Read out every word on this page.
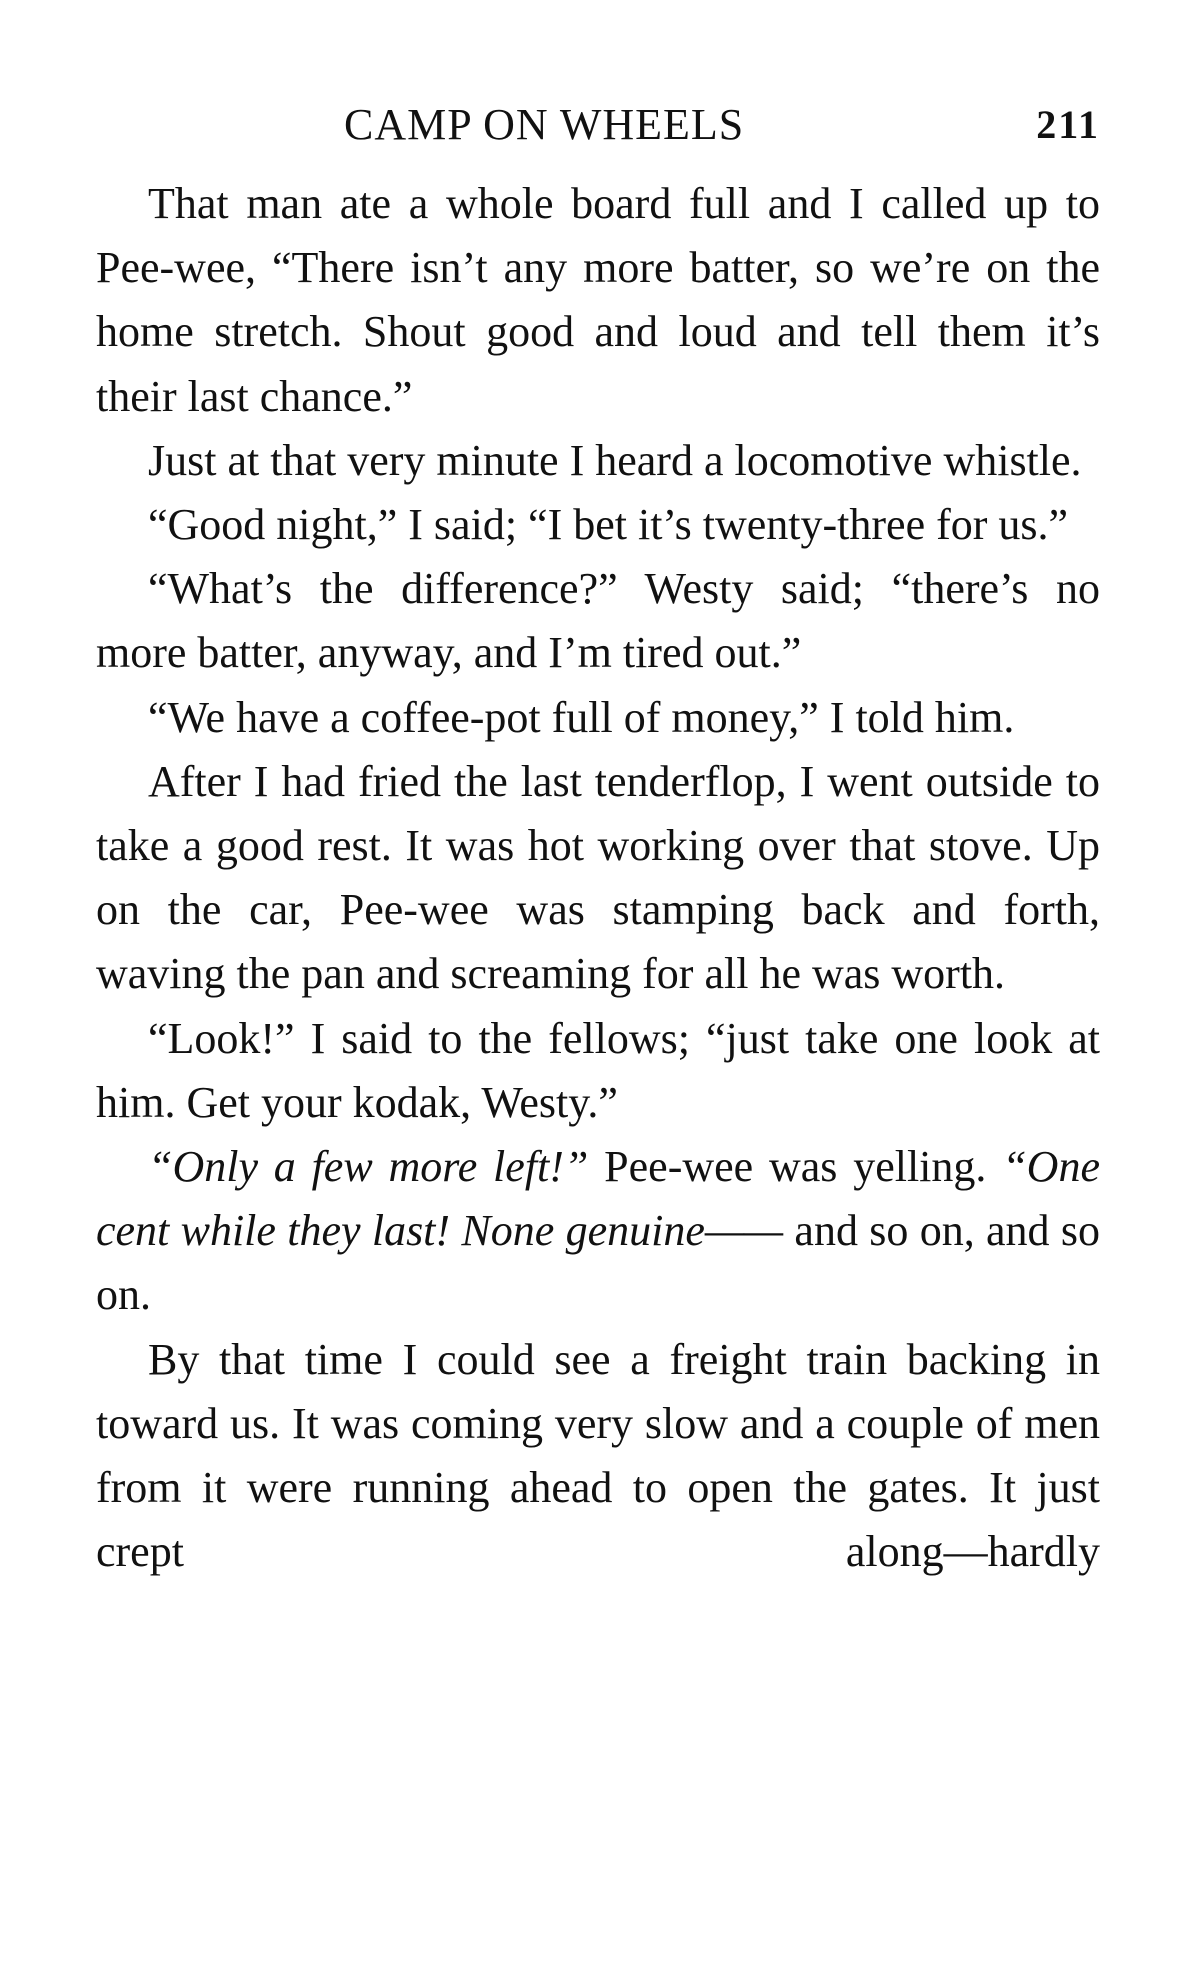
CAMP ON WHEELS	211

That man ate a whole board full and I called up to Pee-wee, “There isn’t any more batter, so we’re on the home stretch. Shout good and loud and tell them it’s their last chance.”

Just at that very minute I heard a locomotive whistle.

“Good night,” I said; “I bet it’s twenty-three for us.”

“What’s the difference?” Westy said; “there’s no more batter, anyway, and I’m tired out.”

“We have a coffee-pot full of money,” I told him.

After I had fried the last tenderflop, I went outside to take a good rest. It was hot working over that stove. Up on the car, Pee-wee was stamping back and forth, waving the pan and screaming for all he was worth.

“Look!” I said to the fellows; “just take one look at him. Get your kodak, Westy.”

“Only a few more left!” Pee-wee was yelling. “One cent while they last! None genuine—— and so on, and so on.

By that time I could see a freight train backing in toward us. It was coming very slow and a couple of men from it were running ahead to open the gates. It just crept along—hardly
